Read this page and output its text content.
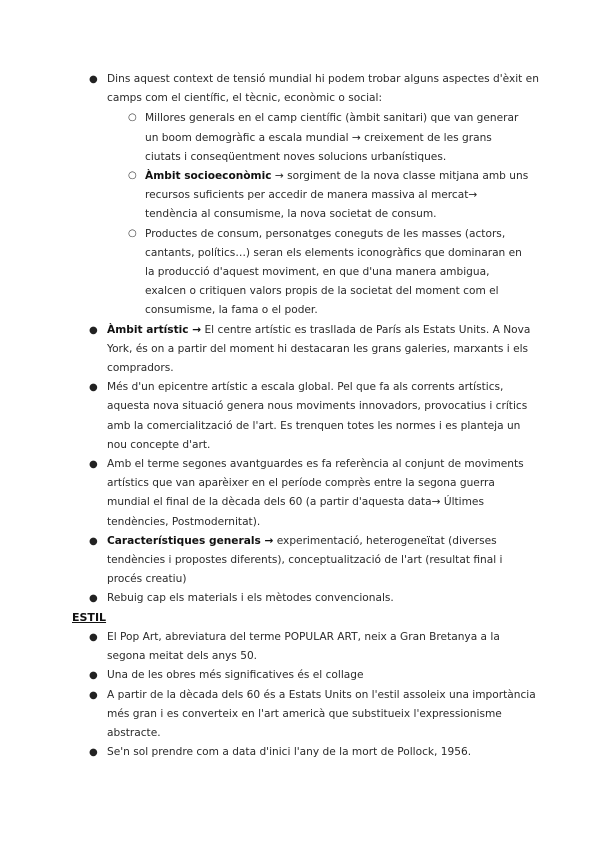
● Dins aquest context de tensió mundial hi podem trobar alguns aspectes d'èxit en camps com el científic, el tècnic, econòmic o social:
○ Millores generals en el camp científic (àmbit sanitari) que van generar un boom demogràfic a escala mundial → creixement de les grans ciutats i conseqüentment noves solucions urbanístiques.
○ Àmbit socioeconòmic → sorgiment de la nova classe mitjana amb uns recursos suficients per accedir de manera massiva al mercat→ tendència al consumisme, la nova societat de consum.
○ Productes de consum, personatges coneguts de les masses (actors, cantants, polítics…) seran els elements iconogràfics que dominaran en la producció d'aquest moviment, en que d'una manera ambigua, exalcen o critiquen valors propis de la societat del moment com el consumisme, la fama o el poder.
● Àmbit artístic → El centre artístic es trasllada de París als Estats Units. A Nova York, és on a partir del moment hi destacaran les grans galeries, marxants i els compradors.
● Més d'un epicentre artístic a escala global. Pel que fa als corrents artístics, aquesta nova situació genera nous moviments innovadors, provocatius i crítics amb la comercialització de l'art. Es trenquen totes les normes i es planteja un nou concepte d'art.
● Amb el terme segones avantguardes es fa referència al conjunt de moviments artístics que van aparèixer en el període comprès entre la segona guerra mundial el final de la dècada dels 60 (a partir d'aquesta data→ Últimes tendències, Postmodernitat).
● Característiques generals → experimentació, heterogeneïtat (diverses tendències i propostes diferents), conceptualització de l'art (resultat final i procés creatiu)
● Rebuig cap els materials i els mètodes convencionals.
ESTIL
● El Pop Art, abreviatura del terme POPULAR ART, neix a Gran Bretanya a la segona meitat dels anys 50.
● Una de les obres més significatives és el collage
● A partir de la dècada dels 60 és a Estats Units on l'estil assoleix una importància més gran i es converteix en l'art americà que substitueix l'expressionisme abstracte.
● Se'n sol prendre com a data d'inici l'any de la mort de Pollock, 1956.
